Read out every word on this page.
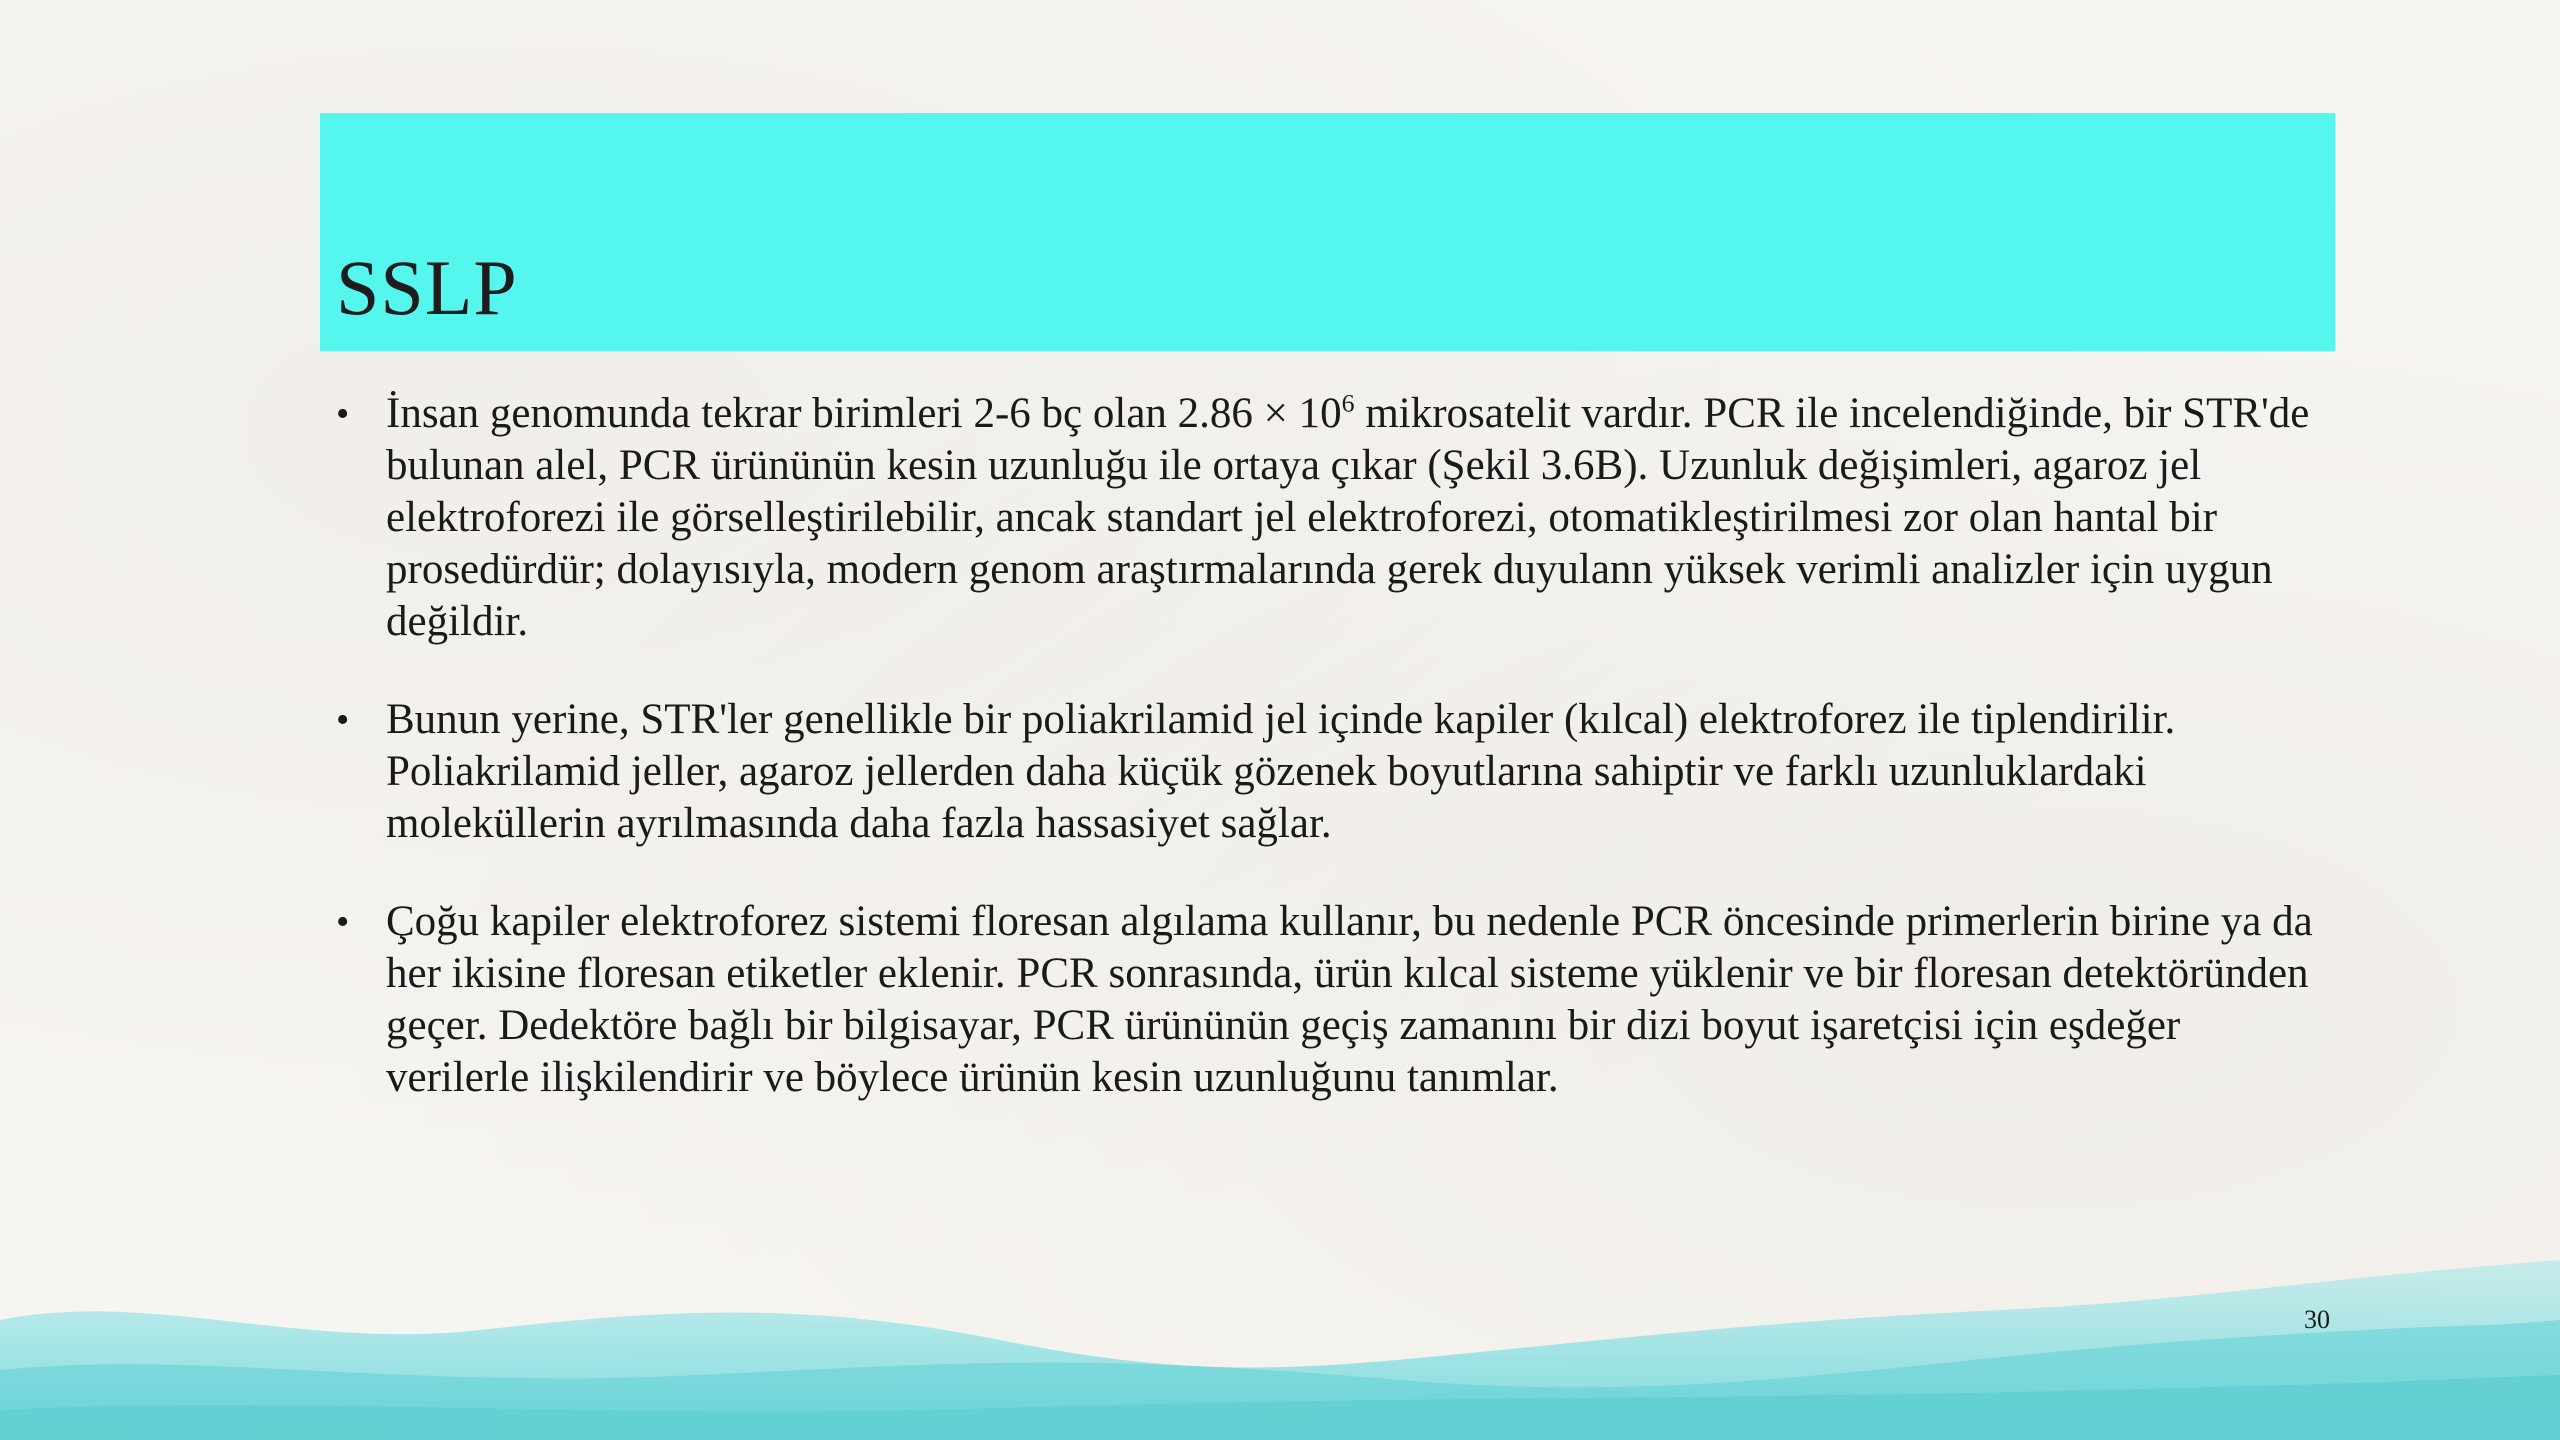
SSLP
• İnsan genomunda tekrar birimleri 2-6 bç olan $2.86 \times 10^6$ mikrosatelit vardır. PCR ile incelendiğinde, bir STR'de bulunan alel, PCR ürününün kesin uzunluğu ile ortaya çıkar (Şekil 3.6B). Uzunluk değişimleri, agaroz jel elektroforezi ile görselleştirilebilir, ancak standart jel elektroforezi, otomatikleştirilmesi zor olan hantal bir prosedürdür; dolayısıyla, modern genom araştırmalarında gerek duyulann yüksek verimli analizler için uygun değildir.
• Bunun yerine, STR'ler genellikle bir poliakrilamid jel içinde kapiler (kılcal) elektroforez ile tiplendirilir. Poliakrilamid jeller, agaroz jellerden daha küçük gözenek boyutlarına sahiptir ve farklı uzunluklardaki moleküllerin ayrılmasında daha fazla hassasiyet sağlar.
• Çoğu kapiler elektroforez sistemi floresan algılama kullanır, bu nedenle PCR öncesinde primerlerin birine ya da her ikisine floresan etiketler eklenir. PCR sonrasında, ürün kılcal sisteme yüklenir ve bir floresan detektöründen geçer. Dedektöre bağlı bir bilgisayar, PCR ürününün geçiş zamanını bir dizi boyut işaretçisi için eşdeğer verilerle ilişkilendirir ve böylece ürünün kesin uzunluğunu tanımlar.
30
